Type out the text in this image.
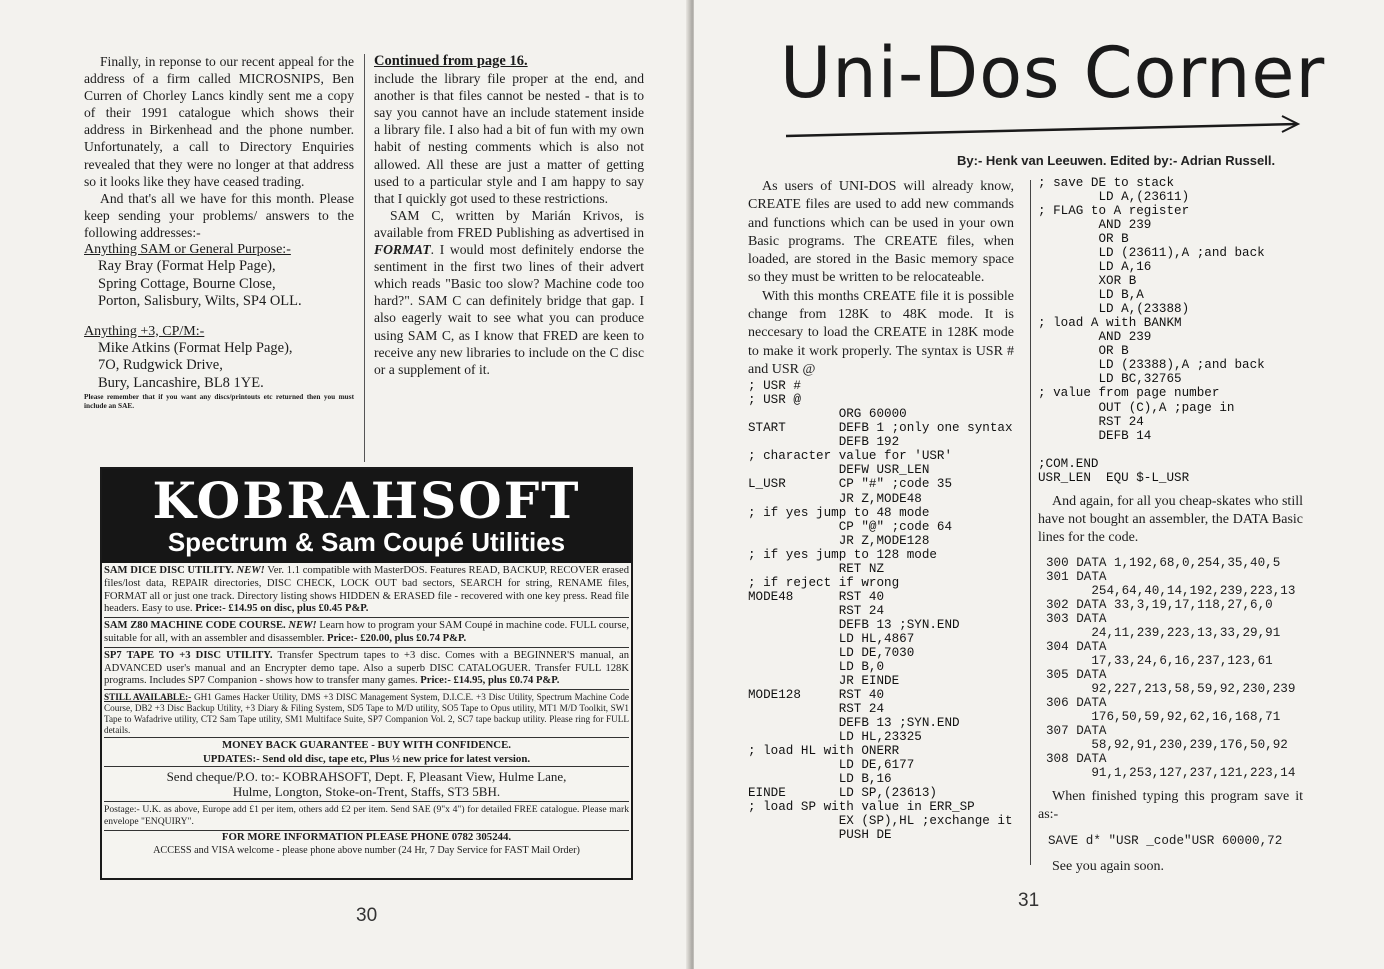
Finally, in reponse to our recent appeal for the address of a firm called MICROSNIPS, Ben Curren of Chorley Lancs kindly sent me a copy of their 1991 catalogue which shows their address in Birkenhead and the phone number. Unfortunately, a call to Directory Enquiries revealed that they were no longer at that address so it looks like they have ceased trading.

And that's all we have for this month. Please keep sending your problems/ answers to the following addresses:-

Anything SAM or General Purpose:-

Ray Bray (Format Help Page),
Spring Cottage, Bourne Close,
Porton, Salisbury, Wilts, SP4 OLL.

Anything +3, CP/M:-

Mike Atkins (Format Help Page),
7O, Rudgwick Drive,
Bury, Lancashire, BL8 1YE.

Please remember that if you want any discs/printouts etc returned then you must include an SAE.

Continued from page 16.

include the library file proper at the end, and another is that files cannot be nested - that is to say you cannot have an include statement inside a library file. I also had a bit of fun with my own habit of nesting comments which is also not allowed. All these are just a matter of getting used to a particular style and I am happy to say that I quickly got used to these restrictions.

SAM C, written by Marián Krivos, is available from FRED Publishing as advertised in FORMAT. I would most definitely endorse the sentiment in the first two lines of their advert which reads "Basic too slow? Machine code too hard?". SAM C can definitely bridge that gap. I also eagerly wait to see what you can produce using SAM C, as I know that FRED are keen to receive any new libraries to include on the C disc or a supplement of it.

KOBRAHSOFT
Spectrum & Sam Coupé Utilities
SAM DICE DISC UTILITY. NEW! Ver. 1.1 compatible with MasterDOS. Features READ, BACKUP, RECOVER erased files/lost data, REPAIR directories, DISC CHECK, LOCK OUT bad sectors, SEARCH for string, RENAME files, FORMAT all or just one track. Directory listing shows HIDDEN & ERASED file - recovered with one key press. Read file headers. Easy to use. Price:- £14.95 on disc, plus £0.45 P&P.
SAM Z80 MACHINE CODE COURSE. NEW! Learn how to program your SAM Coupé in machine code. FULL course, suitable for all, with an assembler and disassembler. Price:- £20.00, plus £0.74 P&P.
SP7 TAPE TO +3 DISC UTILITY. Transfer Spectrum tapes to +3 disc. Comes with a BEGINNER'S manual, an ADVANCED user's manual and an Encrypter demo tape. Also a superb DISC CATALOGUER. Transfer FULL 128K programs. Includes SP7 Companion - shows how to transfer many games. Price:- £14.95, plus £0.74 P&P.
STILL AVAILABLE:- GH1 Games Hacker Utility, DMS +3 DISC Management System, D.I.C.E. +3 Disc Utility, Spectrum Machine Code Course, DB2 +3 Disc Backup Utility, +3 Diary & Filing System, SD5 Tape to M/D utility, SO5 Tape to Opus utility, MT1 M/D Toolkit, SW1 Tape to Wafadrive utility, CT2 Sam Tape utility, SM1 Multiface Suite, SP7 Companion Vol. 2, SC7 tape backup utility. Please ring for FULL details.
MONEY BACK GUARANTEE - BUY WITH CONFIDENCE.
UPDATES:- Send old disc, tape etc, Plus ½ new price for latest version.
Send cheque/P.O. to:- KOBRAHSOFT, Dept. F, Pleasant View, Hulme Lane,
Hulme, Longton, Stoke-on-Trent, Staffs, ST3 5BH.
Postage:- U.K. as above, Europe add £1 per item, others add £2 per item. Send SAE (9"x 4") for detailed FREE catalogue. Please mark envelope "ENQUIRY".
FOR MORE INFORMATION PLEASE PHONE 0782 305244.
ACCESS and VISA welcome - please phone above number (24 Hr, 7 Day Service for FAST Mail Order)
30
Uni-Dos Corner
By:- Henk van Leeuwen. Edited by:- Adrian Russell.

As users of UNI-DOS will already know, CREATE files are used to add new commands and functions which can be used in your own Basic programs. The CREATE files, when loaded, are stored in the Basic memory space so they must be written to be relocateable.

With this months CREATE file it is possible change from 128K to 48K mode. It is neccesary to load the CREATE in 128K mode to make it work properly. The syntax is USR # and USR @

; USR #
; USR @
ORG 60000
START       DEFB 1 ;only one syntax
DEFB 192
; character value for 'USR'
DEFW USR_LEN
L_USR       CP "#" ;code 35
JR Z,MODE48
; if yes jump to 48 mode
CP "@" ;code 64
JR Z,MODE128
; if yes jump to 128 mode
RET NZ
; if reject if wrong
MODE48      RST 40
RST 24
DEFB 13 ;SYN.END
LD HL,4867
LD DE,7030
LD B,0
JR EINDE
MODE128     RST 40
RST 24
DEFB 13 ;SYN.END
LD HL,23325
; load HL with ONERR
LD DE,6177
LD B,16
EINDE       LD SP,(23613)
; load SP with value in ERR_SP
EX (SP),HL ;exchange it
PUSH DE
; save DE to stack
LD A,(23611)
; FLAG to A register
AND 239
OR B
LD (23611),A ;and back
LD A,16
XOR B
LD B,A
LD A,(23388)
; load A with BANKM
AND 239
OR B
LD (23388),A ;and back
LD BC,32765
; value from page number
OUT (C),A ;page in
RST 24
DEFB 14

;COM.END
USR_LEN  EQU $-L_USR

And again, for all you cheap-skates who still have not bought an assembler, the DATA Basic lines for the code.

300 DATA 1,192,68,0,254,35,40,5
301 DATA
254,64,40,14,192,239,223,13
302 DATA 33,3,19,17,118,27,6,0
303 DATA
24,11,239,223,13,33,29,91
304 DATA
17,33,24,6,16,237,123,61
305 DATA
92,227,213,58,59,92,230,239
306 DATA
176,50,59,92,62,16,168,71
307 DATA
58,92,91,230,239,176,50,92
308 DATA
91,1,253,127,237,121,223,14

When finished typing this program save it as:-

SAVE d* "USR _code"USR 60000,72

See you again soon.

31
